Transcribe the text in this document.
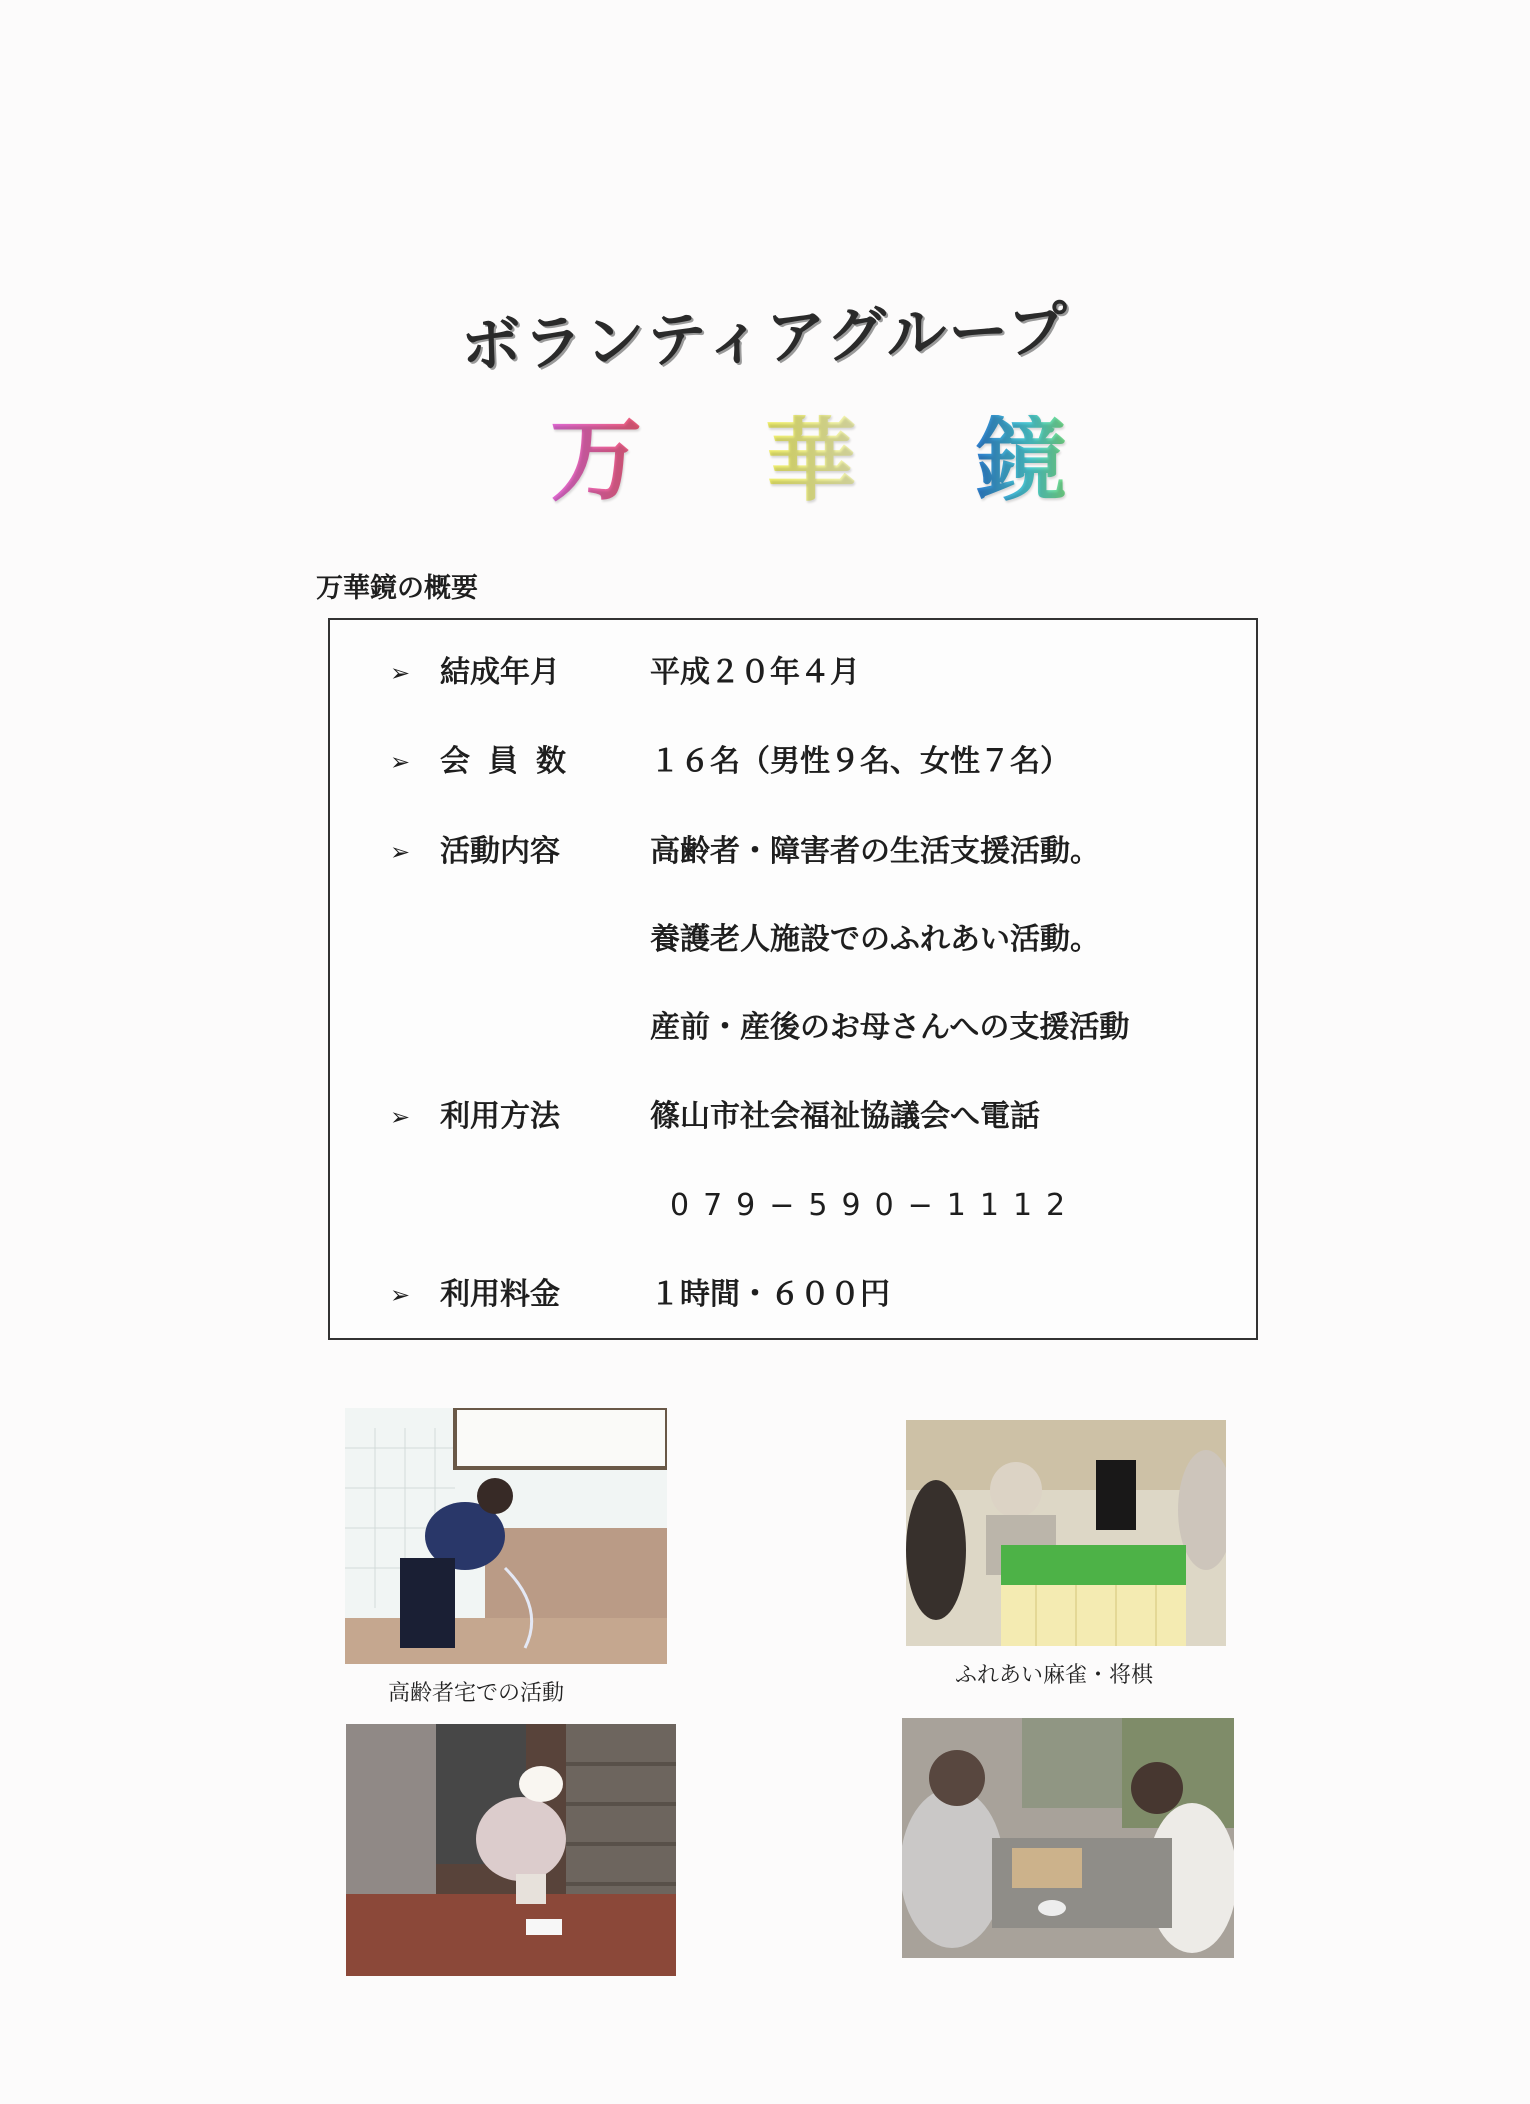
ボランティアグループ
万 華 鏡
万華鏡の概要
➢ 結成年月	平成２０年４月
➢ 会員数 １６名（男性９名、女性７名）
➢ 活動内容	高齢者・障害者の生活支援活動。
養護老人施設でのふれあい活動。
産前・産後のお母さんへの支援活動
➢ 利用方法	篠山市社会福祉協議会へ電話
079−590−1112
➢ 利用料金	１時間・６００円
高齢者宅での活動
ふれあい麻雀・将棋
